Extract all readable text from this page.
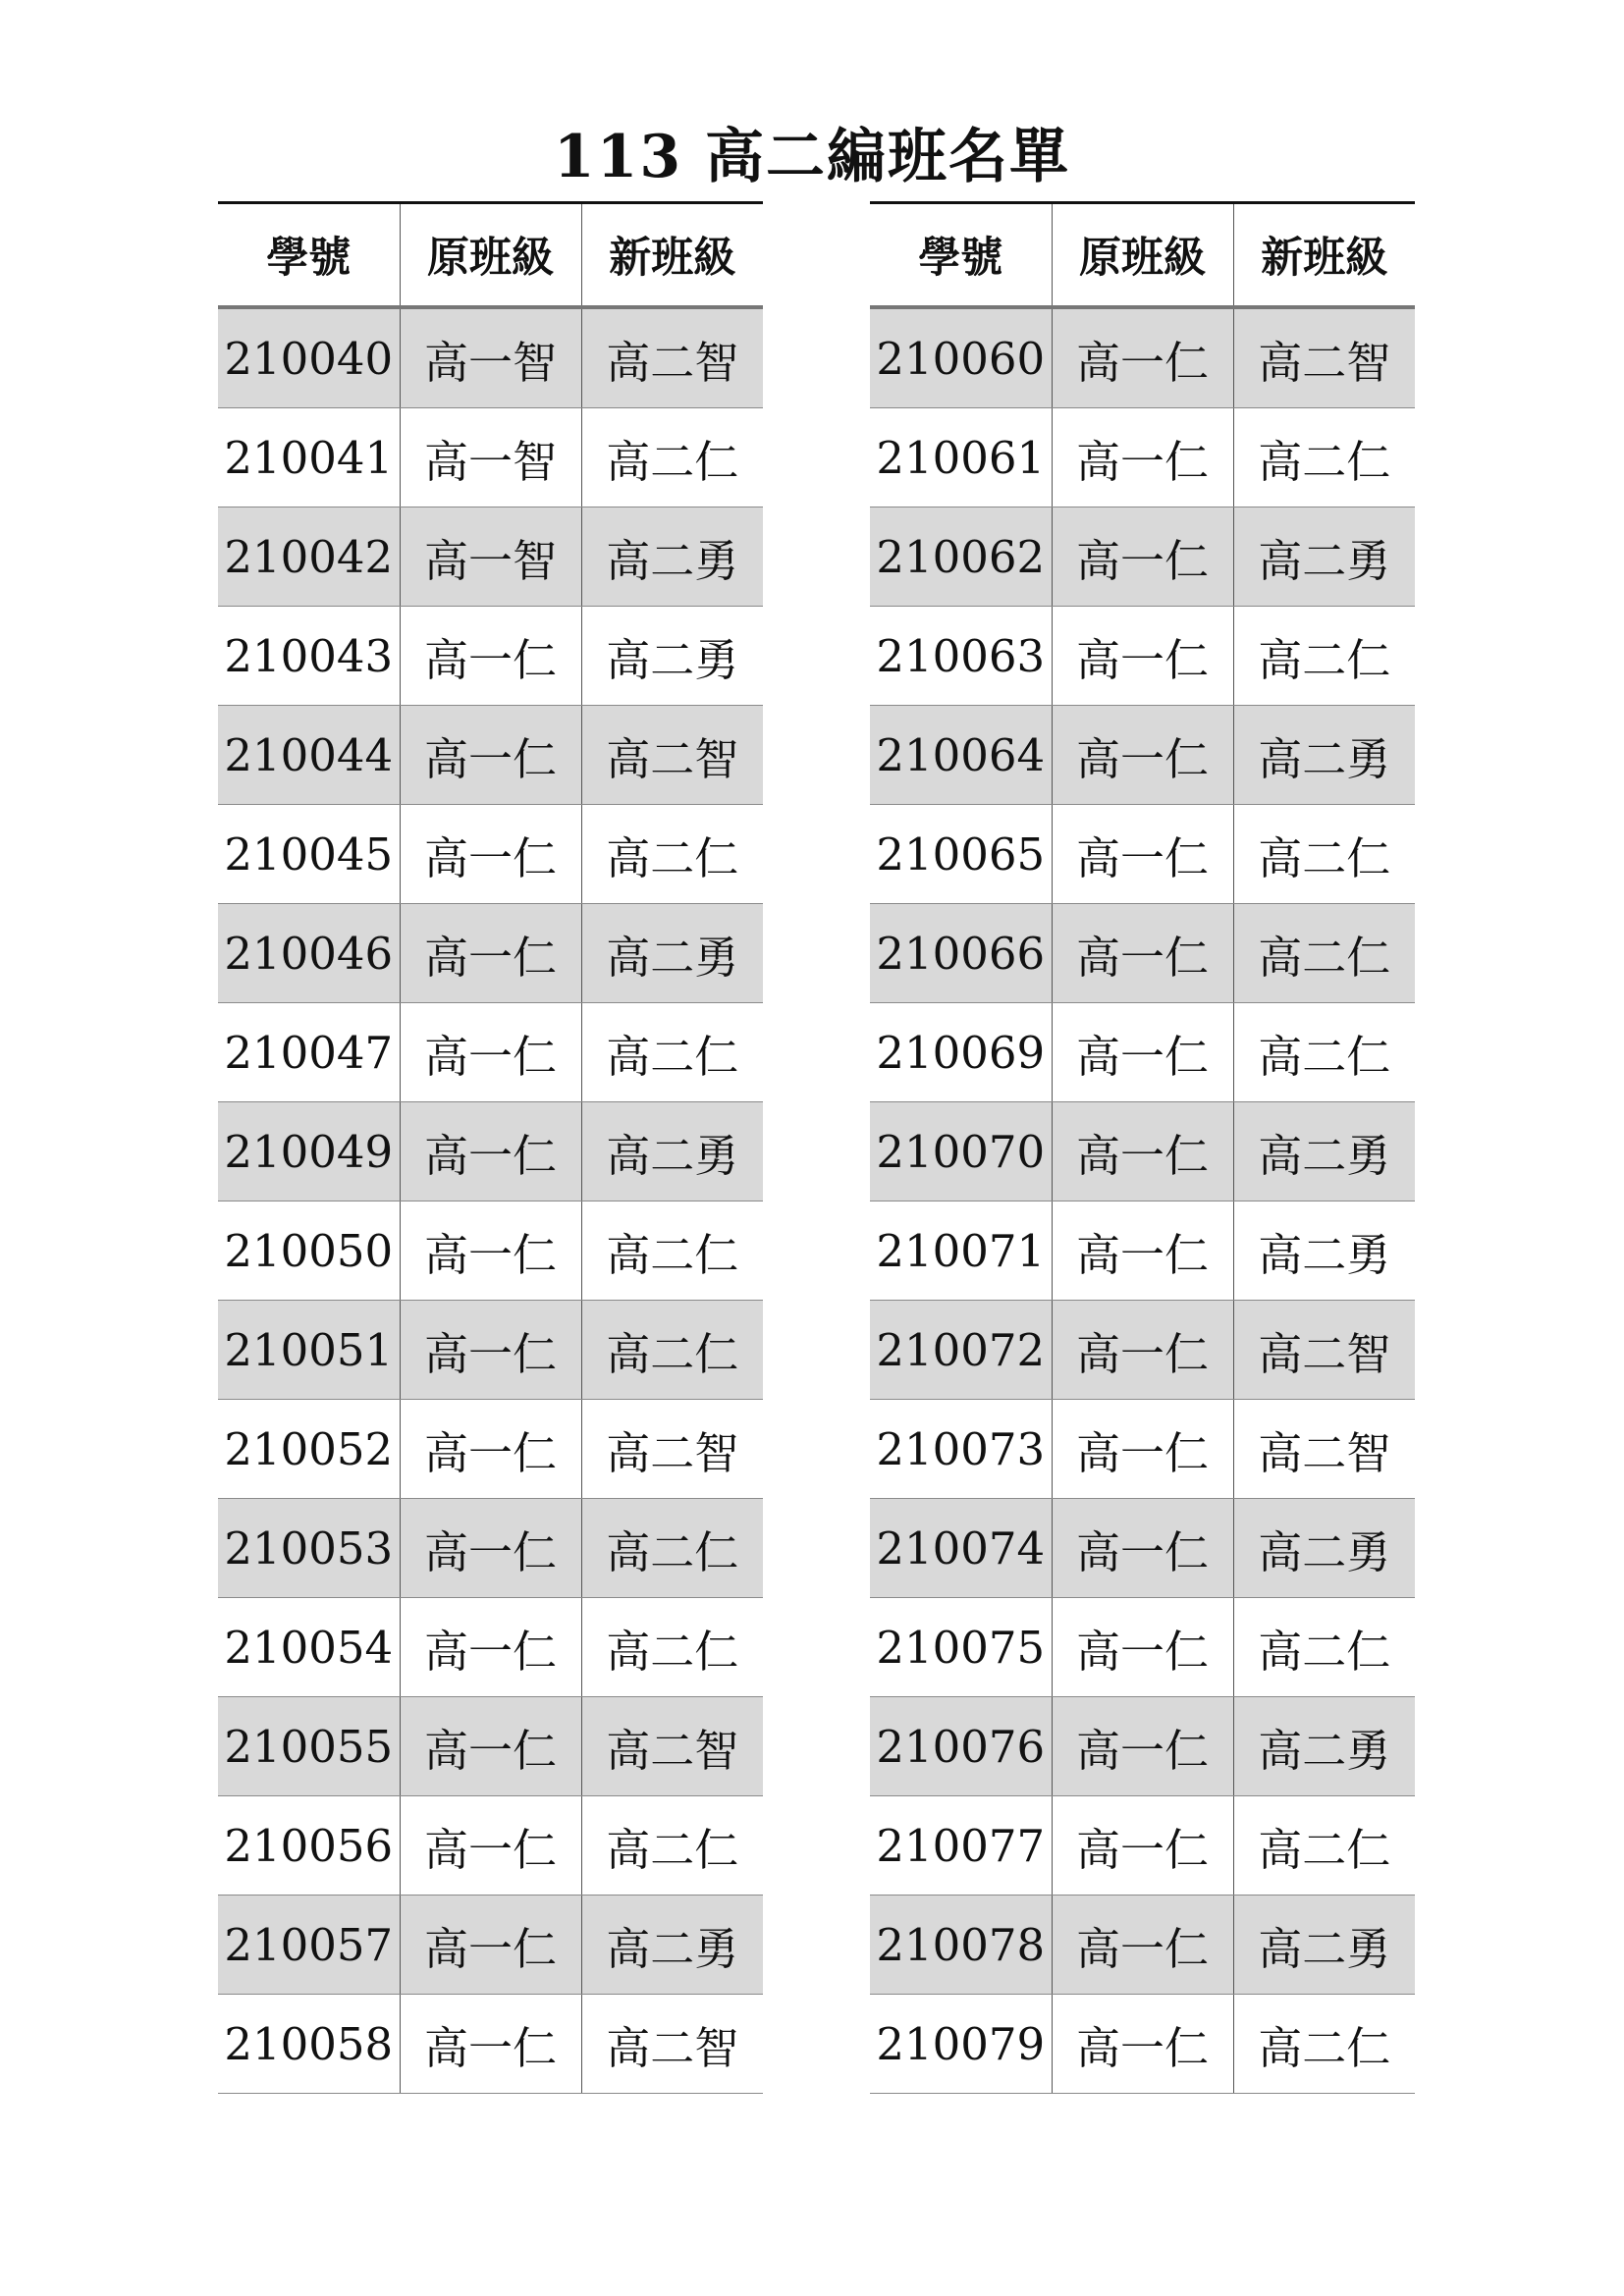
113 高二編班名單
學號	原班級	新班級
210040	高一智	高二智
210041	高一智	高二仁
210042	高一智	高二勇
210043	高一仁	高二勇
210044	高一仁	高二智
210045	高一仁	高二仁
210046	高一仁	高二勇
210047	高一仁	高二仁
210049	高一仁	高二勇
210050	高一仁	高二仁
210051	高一仁	高二仁
210052	高一仁	高二智
210053	高一仁	高二仁
210054	高一仁	高二仁
210055	高一仁	高二智
210056	高一仁	高二仁
210057	高一仁	高二勇
210058	高一仁	高二智
學號	原班級	新班級
210060	高一仁	高二智
210061	高一仁	高二仁
210062	高一仁	高二勇
210063	高一仁	高二仁
210064	高一仁	高二勇
210065	高一仁	高二仁
210066	高一仁	高二仁
210069	高一仁	高二仁
210070	高一仁	高二勇
210071	高一仁	高二勇
210072	高一仁	高二智
210073	高一仁	高二智
210074	高一仁	高二勇
210075	高一仁	高二仁
210076	高一仁	高二勇
210077	高一仁	高二仁
210078	高一仁	高二勇
210079	高一仁	高二仁
